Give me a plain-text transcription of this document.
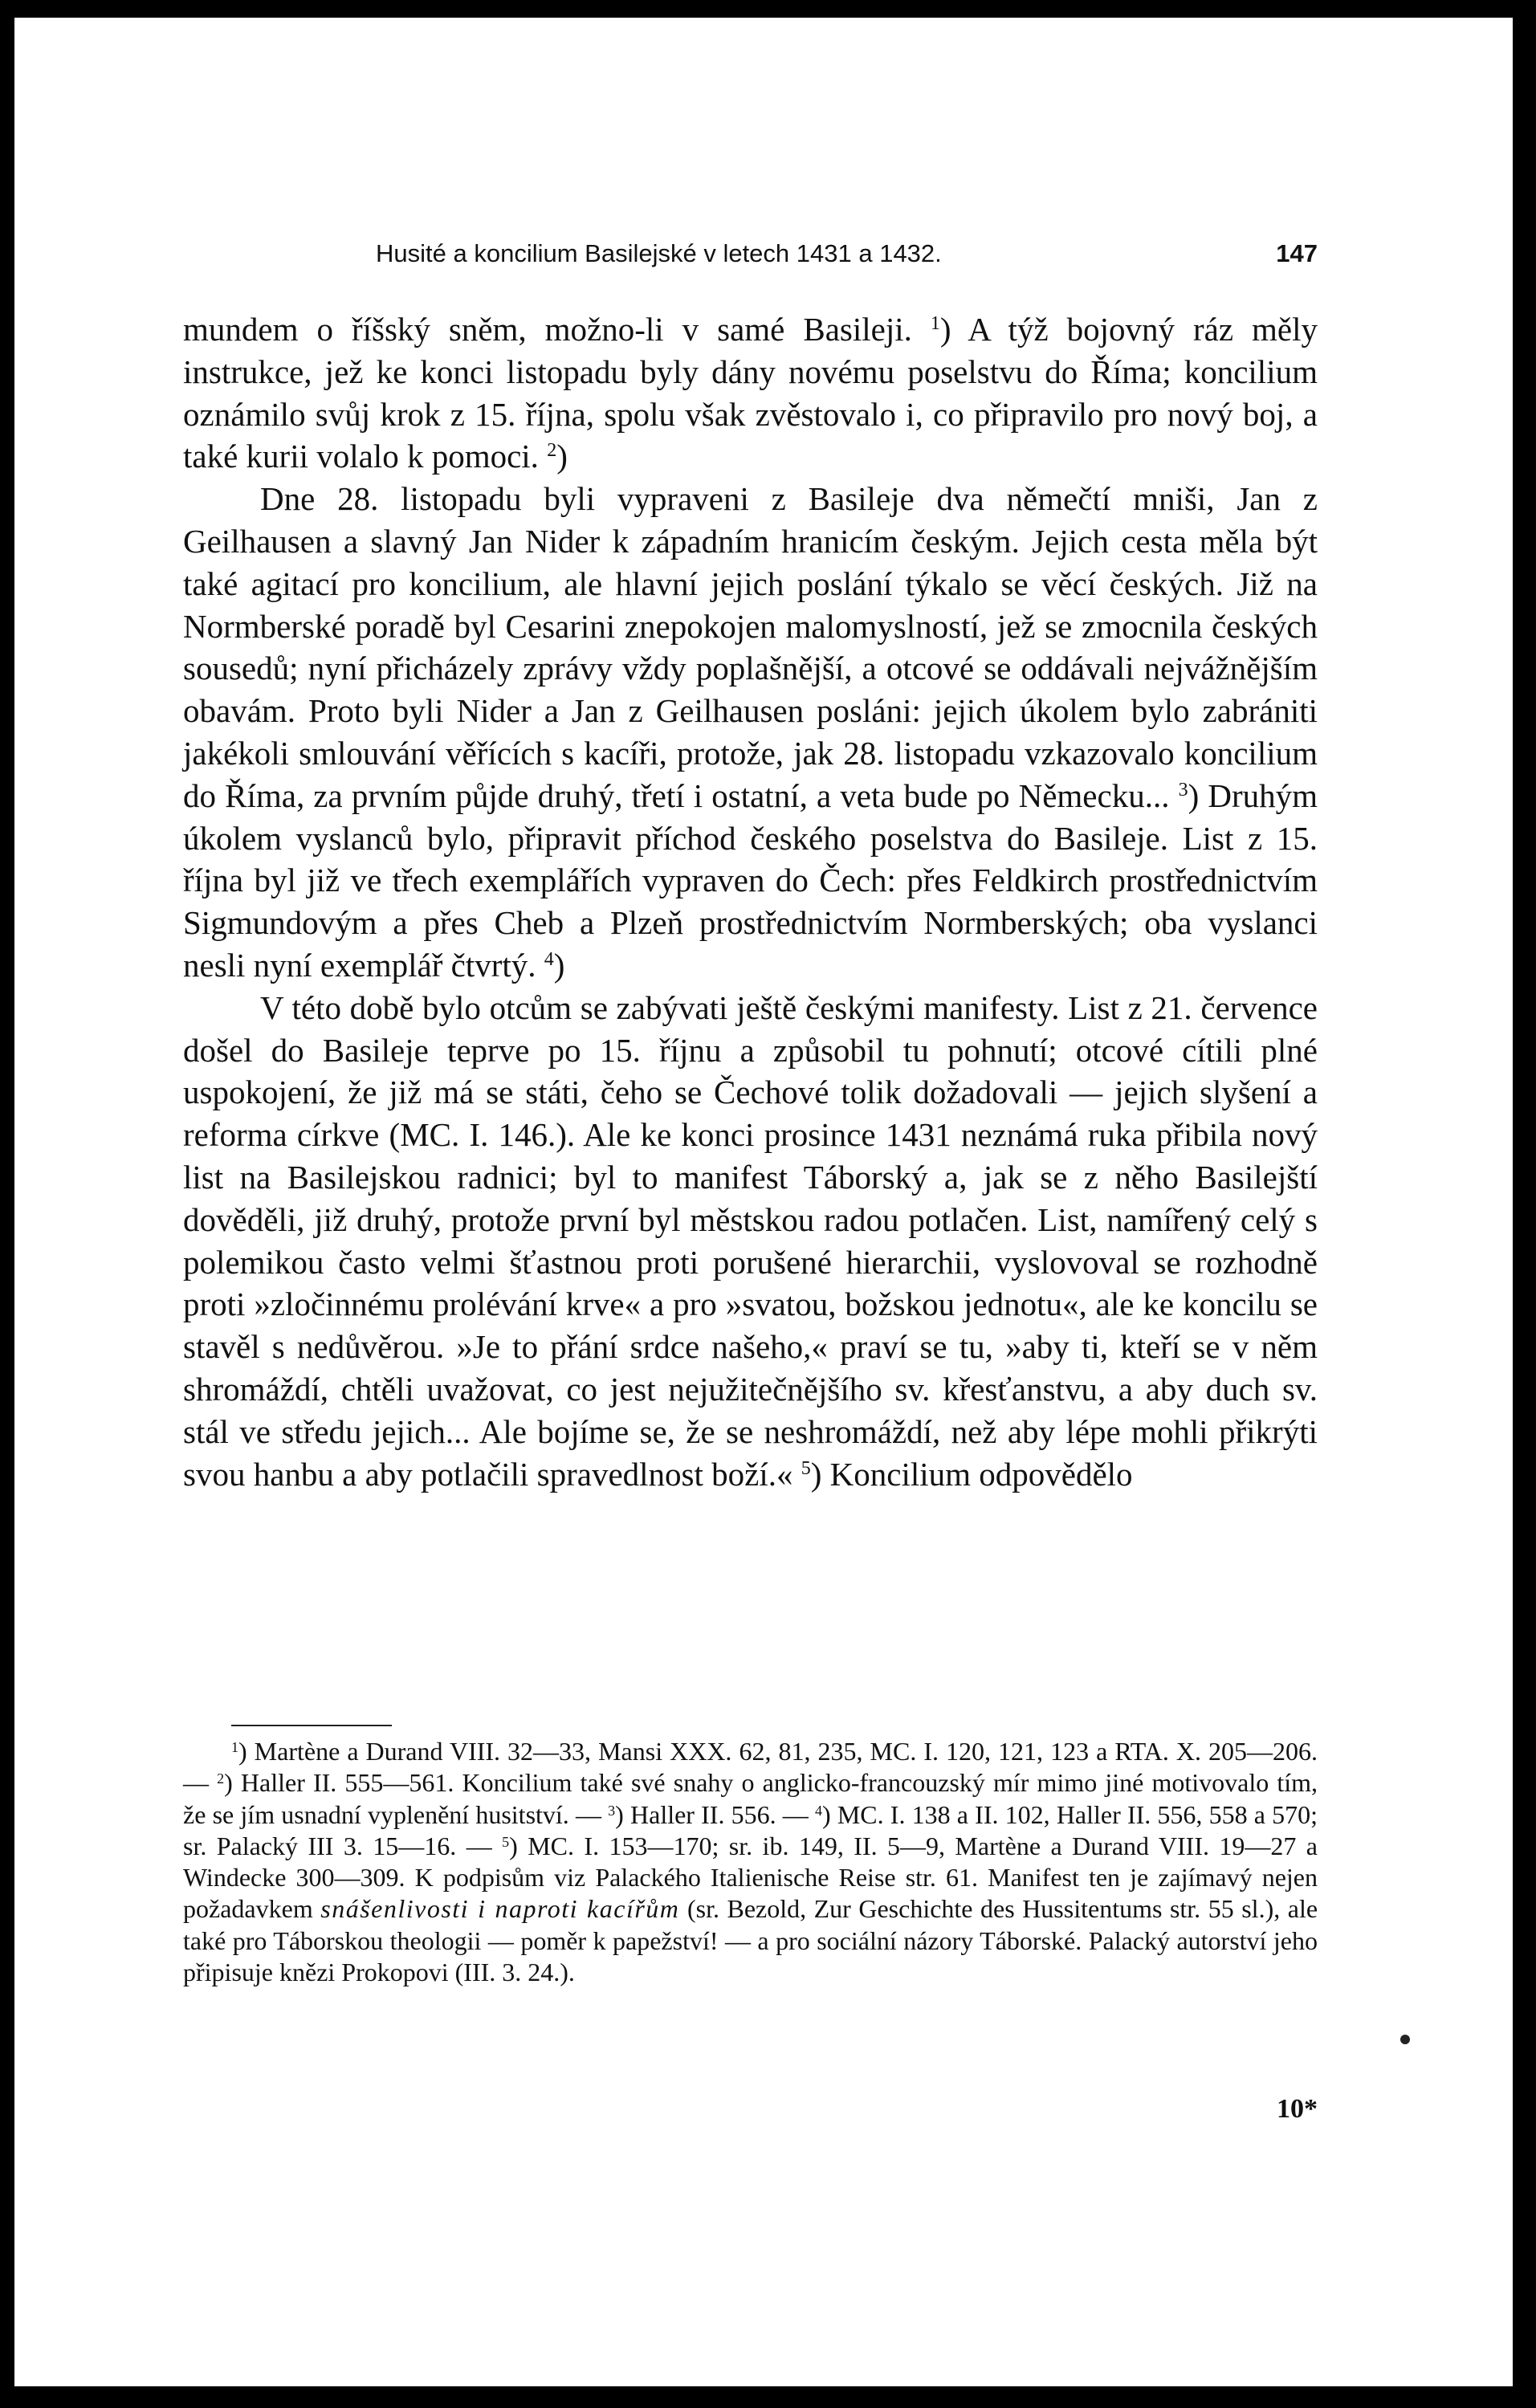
Husité a koncilium Basilejské v letech 1431 a 1432.	147

mundem o říšský sněm, možno-li v samé Basileji. $^1$) A týž bojovný ráz měly instrukce, jež ke konci listopadu byly dány novému poselstvu do Říma; koncilium oznámilo svůj krok z 15. října, spolu však zvěstovalo i, co připravilo pro nový boj, a také kurii volalo k pomoci. $^2$)

Dne 28. listopadu byli vypraveni z Basileje dva němečtí mniši, Jan z Geilhausen a slavný Jan Nider k západním hranicím českým. Jejich cesta měla být také agitací pro koncilium, ale hlavní jejich poslání týkalo se věcí českých. Již na Normberské poradě byl Cesarini znepokojen malomyslností, jež se zmocnila českých sousedů; nyní přicházely zprávy vždy poplašnější, a otcové se oddávali nejvážnějším obavám. Proto byli Nider a Jan z Geilhausen posláni: jejich úkolem bylo zabrániti jakékoli smlouvání věřících s kacíři, protože, jak 28. listopadu vzkazovalo koncilium do Říma, za prvním půjde druhý, třetí i ostatní, a veta bude po Německu... $^3$) Druhým úkolem vyslanců bylo, připravit příchod českého poselstva do Basileje. List z 15. října byl již ve třech exemplářích vypraven do Čech: přes Feldkirch prostřednictvím Sigmundovým a přes Cheb a Plzeň prostřednictvím Normberských; oba vyslanci nesli nyní exemplář čtvrtý. $^4$)

V této době bylo otcům se zabývati ještě českými manifesty. List z 21. července došel do Basileje teprve po 15. říjnu a způsobil tu pohnutí; otcové cítili plné uspokojení, že již má se státi, čeho se Čechové tolik dožadovali — jejich slyšení a reforma církve (MC. I. 146.). Ale ke konci prosince 1431 neznámá ruka přibila nový list na Basilejskou radnici; byl to manifest Táborský a, jak se z něho Basilejští dověděli, již druhý, protože první byl městskou radou potlačen. List, namířený celý s polemikou často velmi šťastnou proti porušené hierarchii, vyslovoval se rozhodně proti »zločinnému prolévání krve« a pro »svatou, božskou jednotu«, ale ke koncilu se stavěl s nedůvěrou. »Je to přání srdce našeho,« praví se tu, »aby ti, kteří se v něm shromáždí, chtěli uvažovat, co jest nejužitečnějšího sv. křesťanstvu, a aby duch sv. stál ve středu jejich... Ale bojíme se, že se neshromáždí, než aby lépe mohli přikrýti svou hanbu a aby potlačili spravedlnost boží.« $^5$) Koncilium odpovědělo

$^1$) Martène a Durand VIII. 32—33, Mansi XXX. 62, 81, 235, MC. I. 120, 121, 123 a RTA. X. 205—206. — $^2$) Haller II. 555—561. Koncilium také své snahy o anglicko-francouzský mír mimo jiné motivovalo tím, že se jím usnadní vyplenění husitství. — $^3$) Haller II. 556. — $^4$) MC. I. 138 a II. 102, Haller II. 556, 558 a 570; sr. Palacký III 3. 15—16. — $^5$) MC. I. 153—170; sr. ib. 149, II. 5—9, Martène a Durand VIII. 19—27 a Windecke 300—309. K podpisům viz Palackého Italienische Reise str. 61. Manifest ten je zajímavý nejen požadavkem snášenlivosti i naproti kacířům (sr. Bezold, Zur Geschichte des Hussitentums str. 55 sl.), ale také pro Táborskou theologii — poměr k papežství! — a pro sociální názory Táborské. Palacký autorství jeho připisuje knězi Prokopovi (III. 3. 24.).

10*
